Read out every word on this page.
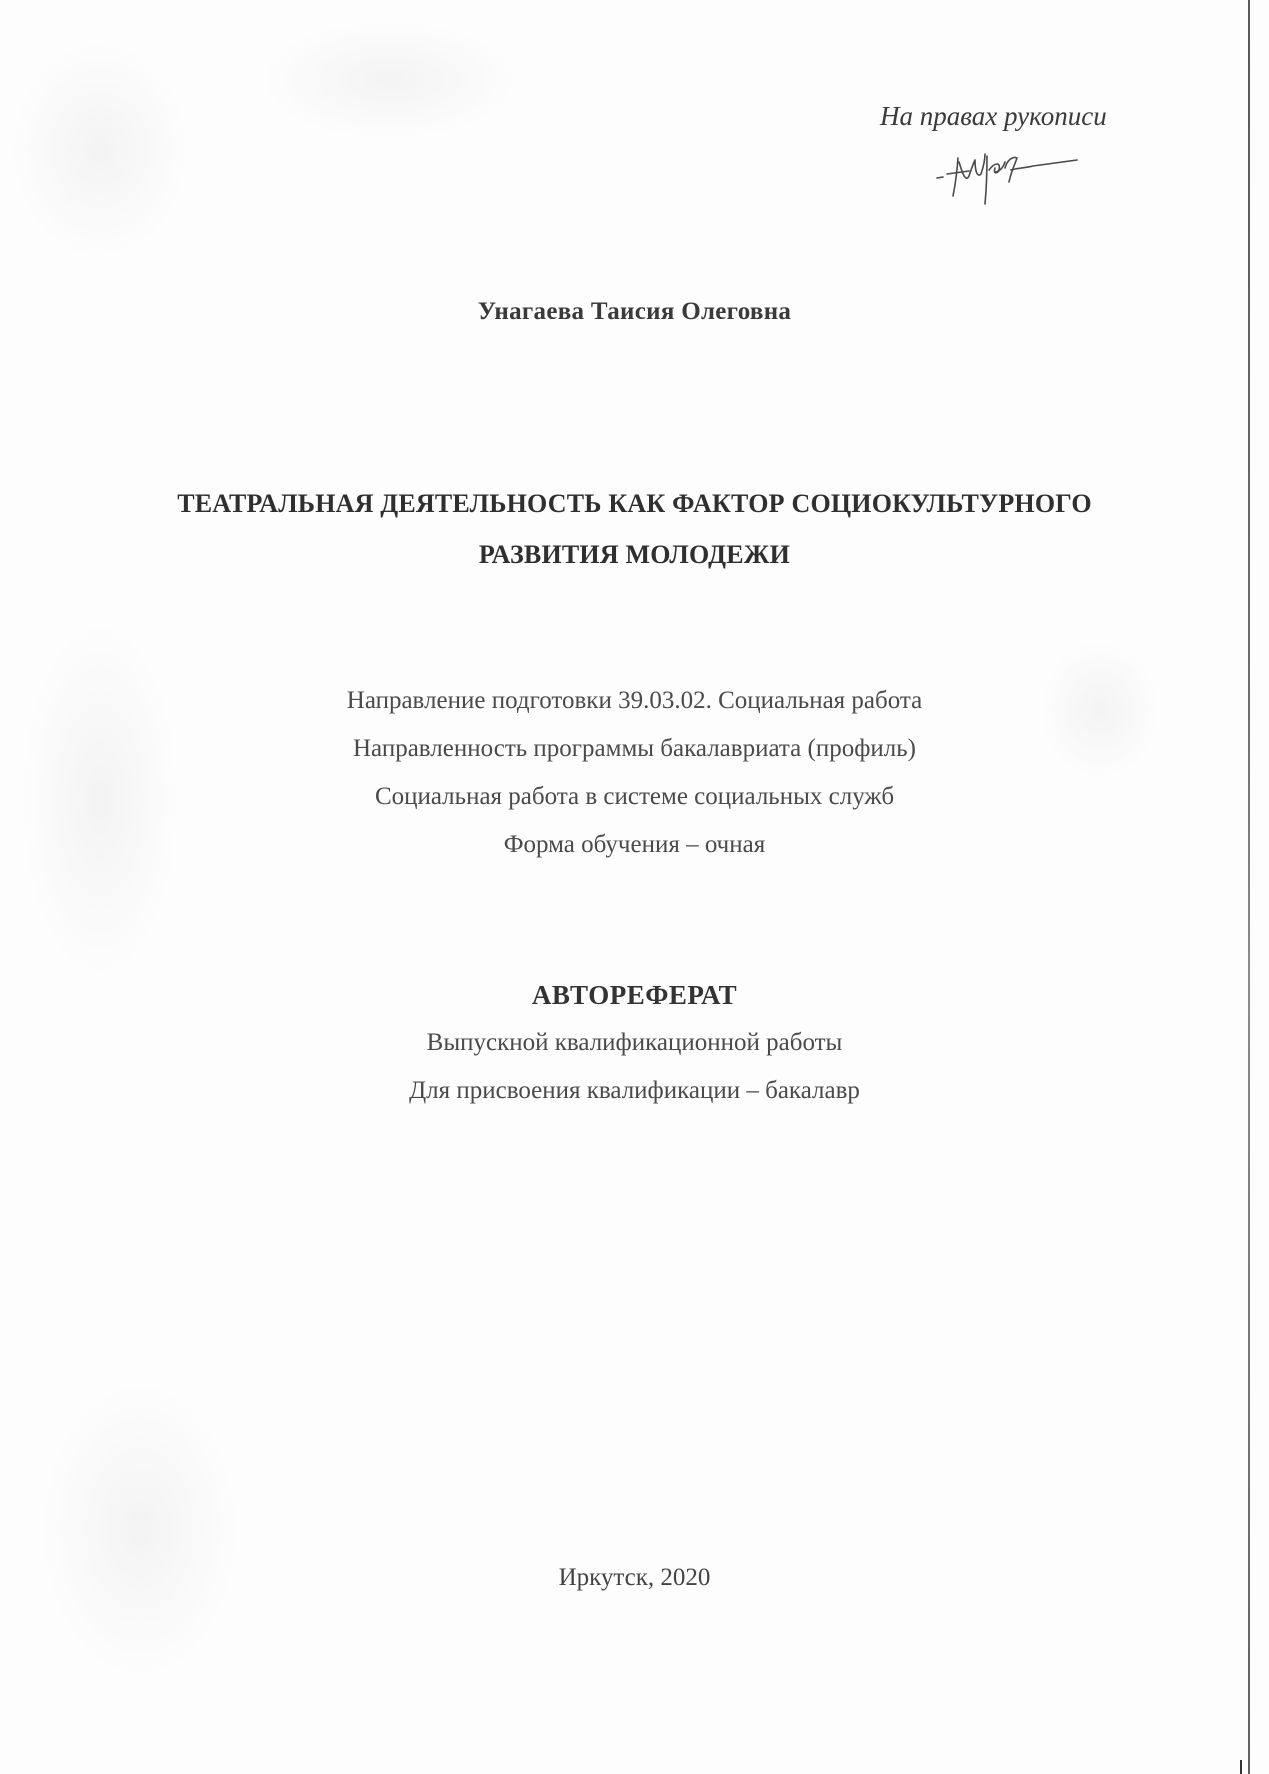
На правах рукописи
Унагаева Таисия Олеговна
ТЕАТРАЛЬНАЯ ДЕЯТЕЛЬНОСТЬ КАК ФАКТОР СОЦИОКУЛЬТУРНОГО
РАЗВИТИЯ МОЛОДЕЖИ
Направление подготовки 39.03.02. Социальная работа
Направленность программы бакалавриата (профиль)
Социальная работа в системе социальных служб
Форма обучения – очная
АВТОРЕФЕРАТ
Выпускной квалификационной работы
Для присвоения квалификации – бакалавр
Иркутск, 2020
